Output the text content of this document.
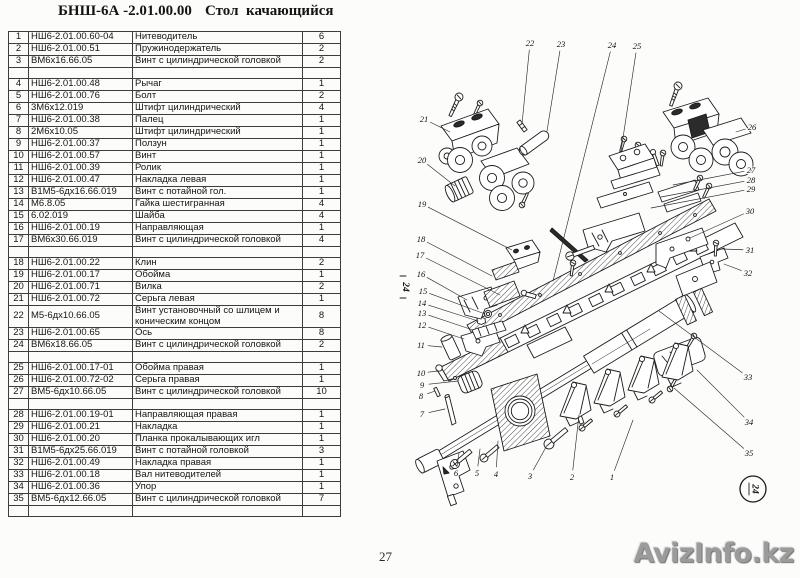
БНШ-6А -2.01.00.00 Стол  качающийся
1	НШ6-2.01.00.60-04	Нитеводитель	6
2	НШ6-2.01.00.51	Пружинодержатель	2
3	ВМ6х16.66.05	Винт с цилиндрической головкой	2

4	НШ6-2.01.00.48	Рычаг	1
5	НШ6-2.01.00.76	Болт	2
6	3М6х12.019	Штифт цилиндрический	4
7	НШ6-2.01.00.38	Палец	1
8	2М6х10.05	Штифт цилиндрический	1
9	НШ6-2.01.00.37	Ползун	1
10	НШ6-2.01.00.57	Винт	1
11	НШ6-2.01.00.39	Ролик	1
12	НШ6-2.01.00.47	Накладка левая	1
13	В1М5-6дх16.66.019	Винт с потайной гол.	1
14	М6.8.05	Гайка шестигранная	4
15	6.02.019	Шайба	4
16	НШ6-2.01.00.19	Направляющая	1
17	ВМ6х30.66.019	Винт с цилиндрической головкой	4

18	НШ6-2.01.00.22	Клин	2
19	НШ6-2.01.00.17	Обойма	1
20	НШ6-2.01.00.71	Вилка	2
21	НШ6-2.01.00.72	Серьга левая	1
22	М5-6дх10.66.05	Винт установочный со шлицем и коническим концом	8
23	НШ6-2.01.00.65	Ось	8
24	ВМ6х18.66.05	Винт с цилиндрической головкой	2

25	НШ6-2.01.00.17-01	Обойма правая	1
26	НШ6-2.01.00.72-02	Серьга правая	1
27	ВМ5-6дх10.66.05	Винт с цилиндрической головкой	10

28	НШ6-2.01.00.19-01	Направляющая правая	1
29	НШ6-2.01.00.21	Накладка	1
30	НШ6-2.01.00.20	Планка прокалывающих игл	1
31	В1М5-6дх25.66.019	Винт с потайной головкой	3
32	НШ6-2.01.00.49	Накладка правая	1
33	НШ6-2.01.00.18	Вал нитеводителей	1
34	НШ6-2.01.00.36	Упор	1
35	ВМ5-6дх12.66.05	Винт с цилиндрической головкой	7

24
24
1
2
3
4
5
6
7
8
9
10
11
12
13
14
15
16
17
18
19
20
21
22	23	24 25
26
27
28
29
30
31
32
33
34
35
27	AvizInfo.kz
